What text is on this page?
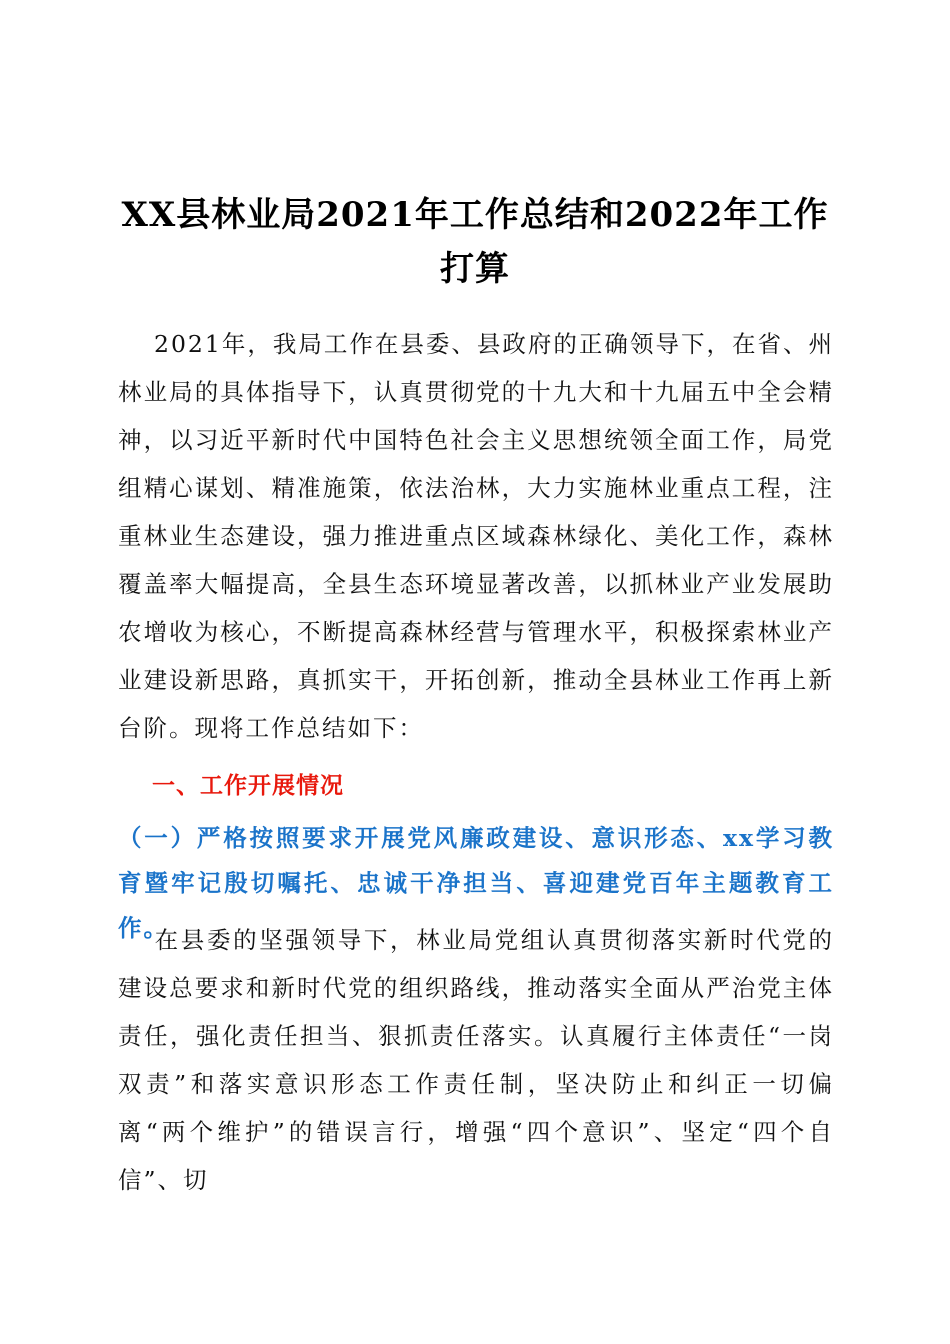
XX县林业局2021年工作总结和2022年工作
打算

2021年，我局工作在县委、县政府的正确领导下，在省、州林业局的具体指导下，认真贯彻党的十九大和十九届五中全会精神，以习近平新时代中国特色社会主义思想统领全面工作，局党组精心谋划、精准施策，依法治林，大力实施林业重点工程，注重林业生态建设，强力推进重点区域森林绿化、美化工作，森林覆盖率大幅提高，全县生态环境显著改善，以抓林业产业发展助农增收为核心，不断提高森林经营与管理水平，积极探索林业产业建设新思路，真抓实干，开拓创新，推动全县林业工作再上新台阶。现将工作总结如下：

一、工作开展情况
（一）严格按照要求开展党风廉政建设、意识形态、xx学习教育暨牢记殷切嘱托、忠诚干净担当、喜迎建党百年主题教育工作。

在县委的坚强领导下，林业局党组认真贯彻落实新时代党的建设总要求和新时代党的组织路线，推动落实全面从严治党主体责任，强化责任担当、狠抓责任落实。认真履行主体责任“一岗双责”和落实意识形态工作责任制，坚决防止和纠正一切偏离“两个维护”的错误言行，增强“四个意识”、坚定“四个自信”、切
